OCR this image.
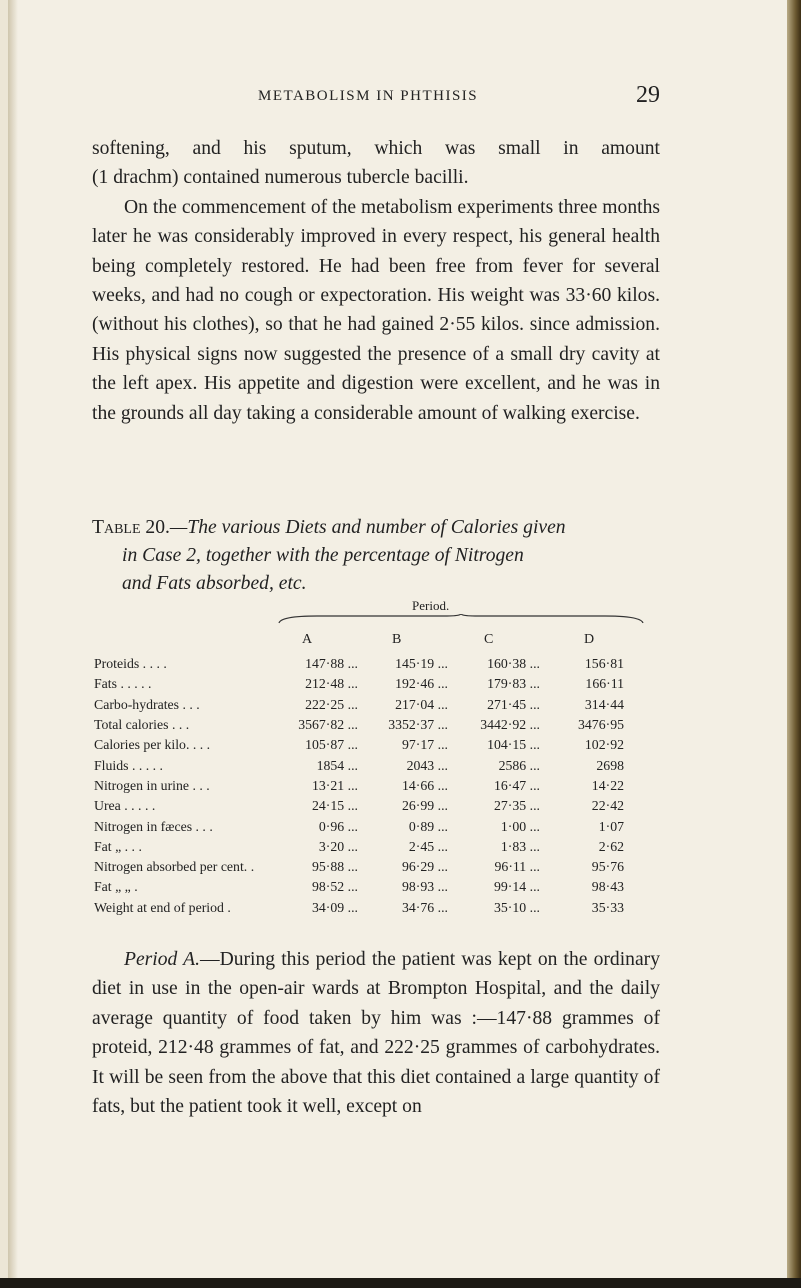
METABOLISM IN PHTHISIS	29

softening, and his sputum, which was small in amount

(1 drachm) contained numerous tubercle bacilli.

On the commencement of the metabolism experiments three months later he was considerably improved in every respect, his general health being completely restored. He had been free from fever for several weeks, and had no cough or expectoration. His weight was 33·60 kilos. (without his clothes), so that he had gained 2·55 kilos. since admission. His physical signs now suggested the presence of a small dry cavity at the left apex. His appetite and digestion were excellent, and he was in the grounds all day taking a considerable amount of walking exercise.

Table 20.—The various Diets and number of Calories given
in Case 2, together with the percentage of Nitrogen
and Fats absorbed, etc.
Period.
A	B	C	D
Proteids . . . .	147·88 ...	145·19 ...	160·38 ...	156·81
Fats . . . . .	212·48 ...	192·46 ...	179·83 ...	166·11
Carbo-hydrates . . .	222·25 ...	217·04 ...	271·45 ...	314·44
Total calories . . .	3567·82 ...	3352·37 ...	3442·92 ...	3476·95
Calories per kilo. . . .	105·87 ...	97·17 ...	104·15 ...	102·92
Fluids . . . . .	1854 ...	2043 ...	2586 ...	2698
Nitrogen in urine . . .	13·21 ...	14·66 ...	16·47 ...	14·22
Urea . . . . .	24·15 ...	26·99 ...	27·35 ...	22·42
Nitrogen in fæces . . .	0·96 ...	0·89 ...	1·00 ...	1·07
Fat „ . . .	3·20 ...	2·45 ...	1·83 ...	2·62
Nitrogen absorbed per cent. .	95·88 ...	96·29 ...	96·11 ...	95·76
Fat „ „ .	98·52 ...	98·93 ...	99·14 ...	98·43
Weight at end of period .	34·09 ...	34·76 ...	35·10 ...	35·33

Period A.—During this period the patient was kept on the ordinary diet in use in the open-air wards at Brompton Hospital, and the daily average quantity of food taken by him was :—147·88 grammes of proteid, 212·48 grammes of fat, and 222·25 grammes of carbohydrates. It will be seen from the above that this diet contained a large quantity of fats, but the patient took it well, except on
